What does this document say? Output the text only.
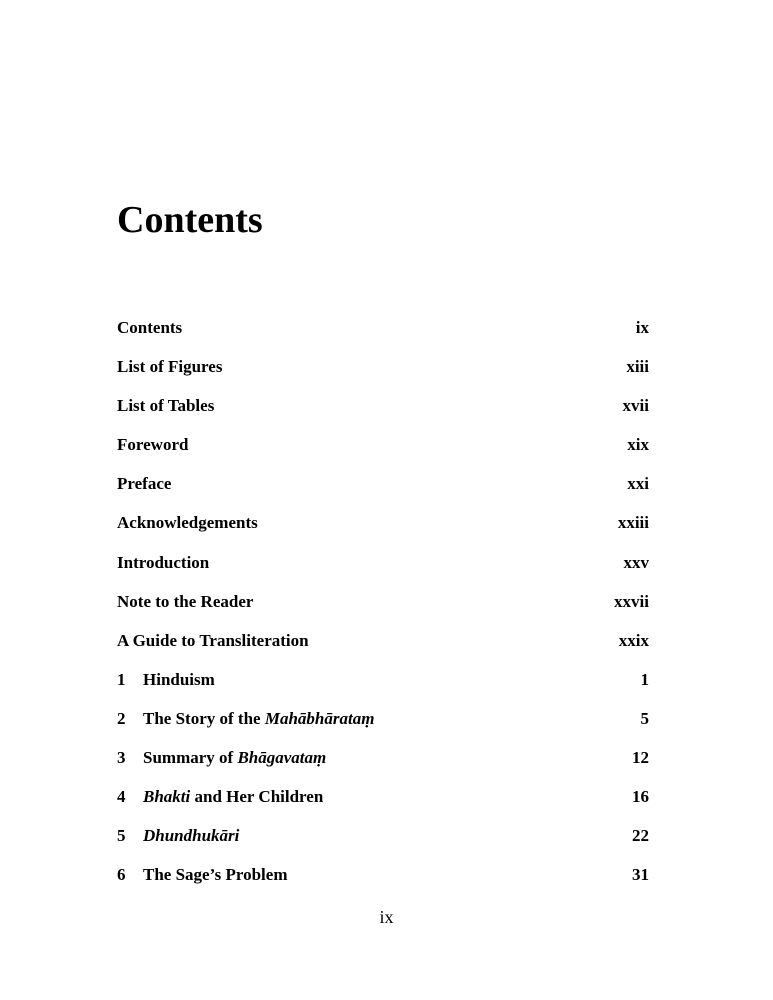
Contents
Contents	ix
List of Figures	xiii
List of Tables	xvii
Foreword	xix
Preface	xxi
Acknowledgements	xxiii
Introduction	xxv
Note to the Reader	xxvii
A Guide to Transliteration	xxix
1	Hinduism	1
2	The Story of the Mahābhārataṃ	5
3	Summary of Bhāgavataṃ	12
4	Bhakti and Her Children	16
5	Dhundhukāri	22
6	The Sage’s Problem	31
ix
